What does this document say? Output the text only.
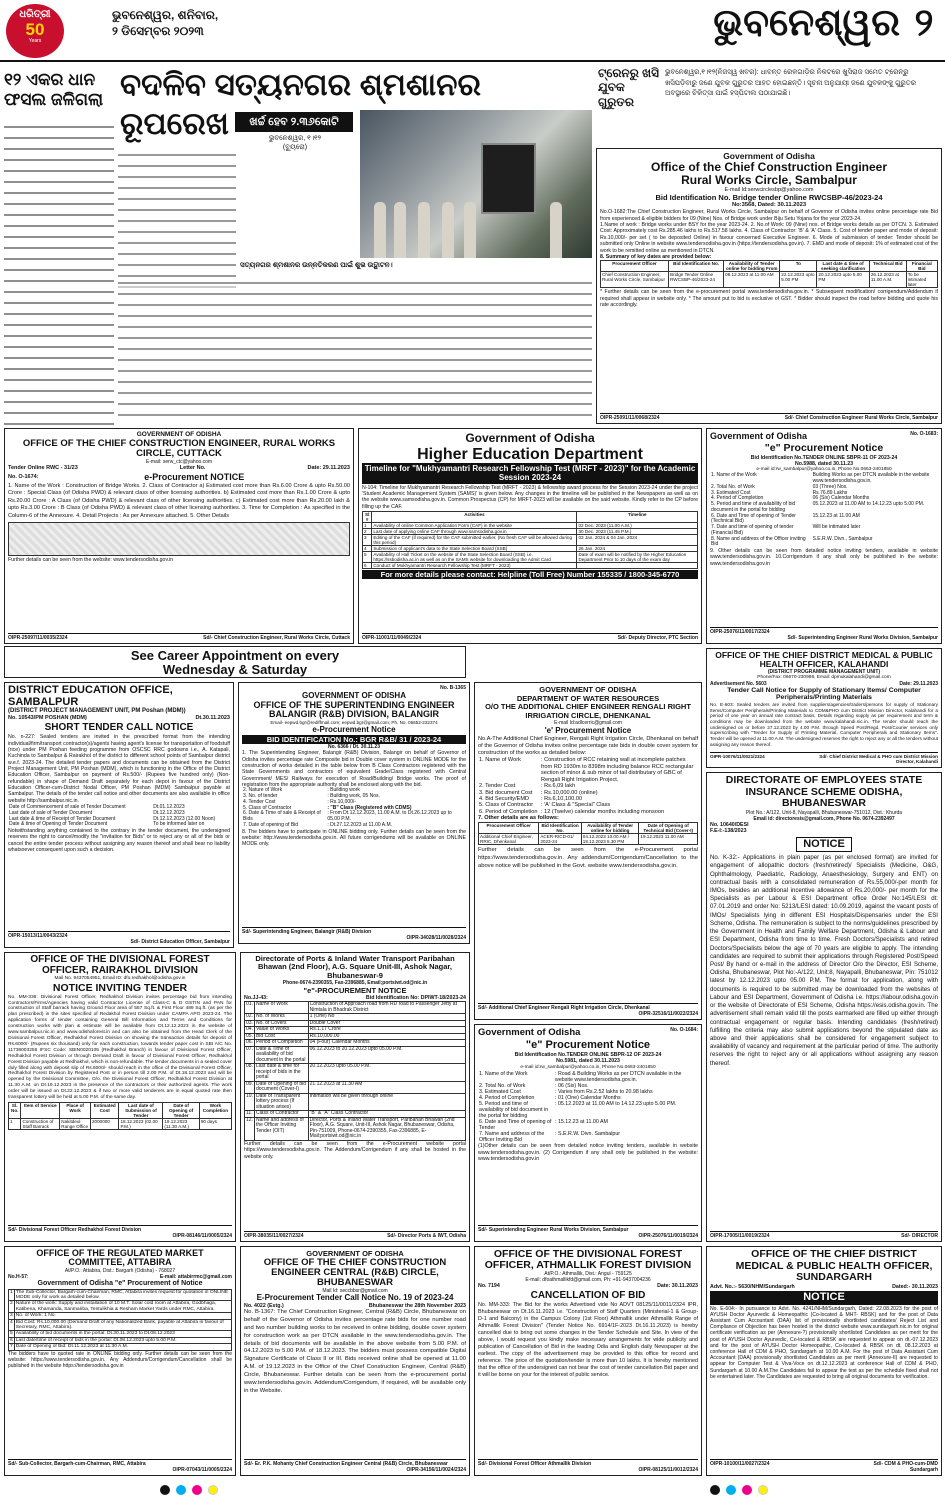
ଧରିତ୍ରୀ
50
Years
ଭୁବନେଶ୍ୱର, ଶନିବାର,
୨ ଡିସେମ୍ବର ୨୦୨୩	ଭୁବନେଶ୍ୱର ୨
୧୨ ଏକର ଧାନ ଫସଲ ଜଳିଗଲା ବଦଳିବ ସତ୍ୟନଗର ଶ୍ମଶାନର ରୂପରେଖ	ଖର୍ଚ୍ଚ ହେବ ୨.୩୬କୋଟି
ଭୁବନେଶ୍ୱର, ୧।୧୨
(ବ୍ୟୁରୋ)
ସତ୍ୟନଗର ଶ୍ମଶାନର ଉନ୍ନତିକରଣ ପାଇଁ ଶୁଭ ଉଦ୍ଘାଟନ।
ଟ୍ରେନରୁ ଖସି ଯୁବକ ଗୁରୁତର
ଭୁବନେଶ୍ୱର,୧।୧୨(ନିଜସ୍ୱ ଖବର): ଧାବନ୍ତ ରେଳଗାଡ଼ିର ନିକଟରେ ଖୁସିରାଜ ସମେତ ଟ୍ରେନ୍‌ରୁ ଖସିପଡ଼ିବାରୁ ଜଣେ ଯୁବକ ଗୁରୁତର ଆହତ ହୋଇଛନ୍ତି। ସୂଚନା ଅନୁଯାୟୀ ଜଣେ ଯୁବକଙ୍କୁ ଗୁରୁତର ଅବସ୍ଥାରେ ଚିକିତ୍ସା ପାଇଁ ହସ୍ପିଟାଲ ପଠାଯାଇଛି।
Government of Odisha
Office of the Chief Construction Engineer
Rural Works Circle, Sambalpur
E-mail Id:serwcirclesbp@yahoo.com
Bid Identification No. Bridge tender Online RWCSBP-46/2023-24
No:3568, Dated: 30.11.2023
No.O-1682:The Chief Construction Engineer, Rural Works Circle, Sambalpur on behalf of Governor of Odisha invites online percentage rate Bid from experienced & eligible bidders for 09 (Nine) Nos. of Bridge work under Biju Setu Yojana for the year 2023-24.
1.Name of work : Bridge works under BSY for the year 2023-24. 2. No.of Work: 09 (Nine) nos. of Bridge works details as per DTCN. 3. Estimated Cost: Approximately cost Rs.285.46 lakhs to Rs.517.58 lakhs. 4. Class of Contractor: 'B' & 'A' Class. 5. Cost of tender paper and mode of deposit: Rs.10,000/- per set ( to be deposited Online) in favour concerned Executive Engineer. 6. Mode of submission of tender: Tender should be submitted only Online in website www.tendersodisha.gov.in (https://tendersodisha.gov.in). 7. EMD and mode of deposit: 1% of estimated cost of the work to be remitted online as mentioned in DTCN.
8. Summary of key dates are provided below:
Procurement Officer	Bid Identification No.	Availability of Tender online for bidding From	To	Last date & time of seeking clarification	Technical Bid	Financial Bid
Chief Construction Engineer, Rural Works Circle, Sambalpur	Bridge Tender Online RWCSBP-46/2023-24	08.12.2023 at 11.00 AM	22.12.2023 upto 5.00 PM	20.12.2023 upto 5.00 PM	26.12.2023 at 11.00 A.M.	To be intimated later
* Further details can be seen from the e-procurement portal www.tendersodisha.gov.in. * Subsequent modification/ corrigendum/Addendum if required shall appear in website only. * The amount put to bid is exclusive of GST. * Bidder should inspect the road before bidding and quote his rate accordingly.
OIPR-25091/11/0068/2324	Sd/- Chief Construction Engineer Rural Works Circle, Sambalpur
GOVERNMENT OF ODISHA
OFFICE OF THE CHIEF CONSTRUCTION ENGINEER, RURAL WORKS CIRCLE, CUTTACK
E-mail: serw_ctc@yahoo.com
Tender Online RWC - 31/23	Letter No.	Date: 29.11.2023
No. O-1674:	e-Procurement NOTICE
1. Name of the Work : Construction of Bridge Works. 2. Class of Contractor a) Estimated cost more than Rs.6.00 Crore & upto Rs.50.00 Crore : Special Class (of Odisha PWD) & relevant class of other licensing authorities. b) Estimated cost more than Rs.1.00 Crore & upto Rs.20.00 Crore : A Class (of Odisha PWD) & relevant class of other licensing authorities. c) Estimated cost more than Rs.20.00 lakh & upto Rs.3.00 Crore : B Class (of Odisha PWD) & relevant class of other licensing authorities. 3. Time for Completion : As specified in the Column-6 of the Annexure. 4. Detail Projects : As per Annexure attached. 5. Other Details
Further details can be seen from the website: www.tendersodisha.gov.in
OIPR-25097/11/0035/2324	Sd/- Chief Construction Engineer, Rural Works Circle, Cuttack
See Career Appointment on every
Wednesday & Saturday
Government of Odisha
Higher Education Department
Timeline for "Mukhyamantri Research Fellowship Test (MRFT - 2023)" for the Academic Session 2023-24
N-104: Timeline for Mukhyamantri Research Fellowship Test (MRFT - 2023) & fellowship award process for the Session 2023-24 under the project 'Student Academic Management System (SAMS)' is given below. Any changes in the timeline will be published in the Newspapers as well as on the website www.samsodisha.gov.in. Common Prospectus (CP) for MRFT-2023 will be available on the said website. Kindly refer to the CP before filling up the CAF.
Sl #	Activities	Timeline
1	Availability of online Common Application Form (CAF) in the website	02 Dec. 2023 (11.00 A.M.)
2	Last date of applying online CAF through www.samsodisha.gov.in	30 Dec. 2023 (11.45 P.M.)
3	Editing of the CAF (if required) for the CAF submitted earlier. (No fresh CAF will be allowed during this period)	03 Jan. 2024 & 04 Jan. 2024
4	Submission of applicant's data to the State Selection Board (SSB)	26 Jan. 2024
5	Availability of Hall Ticket on the website of the State Selection Board (SSB) i.e. https://ssbodisha.ac.in as well as on the SAMS website for downloading the Admit Card	Date of exam will be notified by the Higher Education Department Prior to 10 days of the exam day
6	Conduct of Mukhyamantri Research Fellowship Test (MRFT - 2023)	
For more details please contact: Helpline (Toll Free) Number 155335 / 1800-345-6770
OIPR-11001/11/0049/2324	Sd/- Deputy Director, PTC Section
Government of Odisha	No. O-1683:
"e" Procurement Notice
Bid Identification No.TENDER ONLINE SBPR-11 OF 2023-24
No.5988, dated 30.11.23
e-mail id:rw_sambalpur@yahoo.co.in, Phone No.0663-2401850
1. Name of the Work	Building Works as per DTCN available in the website www.tendersodisha.gov.in.
2. Total No. of Work	03 (Three) Nos.
3. Estimated Cost	Rs.76.89 Lakhs
4. Period of Completion	06 (Six) Calendar Months
5. Period and time of availability of bid document in the portal for bidding	05.12.2023 at 11.00 AM to 14.12.23 upto 5.00 PM.
6. Date and Time of opening of Tender (Technical Bid)	15.12.23 at 11.00 AM
7. Date and time of opening of tender (Financial Bid)	Will be intimated later
8. Name and address of the Officer inviting Bid	S.E.R.W. Divn., Sambalpur
9. Other details can be seen from detailed notice inviting tenders, available in website www.tendersodisha.gov.in. 10.Corrigendum if any shall only be published in the website: www.tendersodisha.gov.in
OIPR-25076/11/0017/2324
Sd/- Superintending Engineer Rural Works Division, Sambalpur
OFFICE OF THE CHIEF DISTRICT MEDICAL & PUBLIC HEALTH OFFICER, KALAHANDI
(DISTRICT PROGRAMME MANAGEMENT UNIT)
Phone/Fax: 06670-230998, Email: dpmukalahandi@gmail.com
Advertisement No. 5603	Date: 29.11.2023
Tender Call Notice for Supply of Stationary Items/ Computer Peripherals/Printing Materials
No. E-603: Sealed tenders are invited from suppliers/agencies/traders/persons for supply of Stationary Items/Computer Peripherals/Printing Materials to CDM&PHO cum District Mission Director, Kalahandi for a period of one year on annual rate contract basis. Details regarding supply as per requirement and term & conditions may be downloaded from the website www.kalahandi.nic.in. The tender should reach the undersigned on or before 27.12.2023 by 4.00 P.M. through Speed Post/Regd. Post/Courier services only superscribing with "Tender for Supply of Printing Material, Computer Peripherals and Stationary Items". Tender will be opened at 11.00 A.M. The undersigned reserves the right to reject any or all the tenders without assigning any reason thereof.
OIPR-10076/11/0021/2324	Sd/- Chief District Medical & PHO cum District Mission Director, Kalahandi
DISTRICT EDUCATION OFFICE, SAMBALPUR
(DISTRICT PROJECT MANAGEMENT UNIT, PM Poshan (MDM))
No. 10543/PM POSHAN (MDM)	Dt.30.11.2023
SHORT TENDER CALL NOTICE
No. n-227: Sealed tenders are invited in the prescribed format from the intending individual/firm/transport contractor(s)/agents having agent's license for transportation of foodstuff (rice) under PM Poshan feeding programme from OSCSC RRC godowns i.e., A. Katapali, Kuchinda to Sambalpur & Rairakhol of the district to different school points of Sambalpur district w.e.f. 2023-24. The detailed tender papers and documents can be obtained from the District Project Management Unit, PM Poshan (MDM), which is functioning in the Office of the District Education Officer, Sambalpur on payment of Rs.500/- (Rupees five hundred only) (Non-refundable) in shape of Demand Draft separately for each depot in favour of the District Education Officer-cum-District Nodal Officer, PM Poshan (MDM) Sambalpur payable at Sambalpur. The details of the tender call notice and other documents are also available in office website http://sambalpur.nic.in.
Date of Commencement of sale of Tender Document	Dt.01.12.2023
Last date of sale of Tender Document	Dt.12.12.2023
Last date & time of Receipt of Tender Document	Dt.12.12.2023 (12.00 Noon)
Date & time of Opening of Tender Document	To be informed later on
Notwithstanding anything contained to the contrary in the tender document, the undersigned reserves the right to cancel/modify the "invitation for Bids" or to reject any or all of the bids or cancel the entire tender process without assigning any reason thereof and shall bear no liability whatsoever consequent upon such a decision.
OIPR-15013/11/0043/2324
Sd/- District Education Officer, Sambalpur
No. B-1365
GOVERNMENT OF ODISHA
OFFICE OF THE SUPERINTENDING ENGINEER BALANGIR (R&B) DIVISION, BALANGIR
Email- eepwd.bgr@rediffmail.com; eepwd.bgr@gmail.com; Ph. No. 06652-232374
e-Procurement Notice
BID IDENTIFICATION No.: BGR R&B/ 31 / 2023-24
No. 6366 / Dt. 30.11.23
1. The Superintending Engineer, Balangir (R&B) Division, Balangir on behalf of Governor of Odisha invites percentage rate Composite bid in Double cover system in ONLINE MODE for the construction of works detailed in the table below from B Class Contractors registered with the State Governments and contractors of equivalent Grade/Class registered with Central Government/ MES/ Railways for execution of Road/Building/ Bridge works. The proof of registration from the appropriate authority shall be enclosed along with the bid.
2. Nature of Work	: Building work
3. No. of tender	: Building work, 05 Nos.
4. Tender Cost	: Rs.10,000/-
5. Class of Contractor	: "B" Class (Registered with CDMS)
6. Date & Time of sale & Receipt of Bids	: From Dt.12.12.2023, 11.00 A.M. to Dt.26.12.2023 up to 05.00 P.M.
7. Date of opening of Bid	: Dt.27.12.2023 at 11.00 A.M.
8. The bidders have to participate in ONLINE bidding only. Further details can be seen from the website: http://www.tendersodisha.gov.in. All future corrigendums will be available on ONLINE MODE only.
Sd/- Superintending Engineer, Balangir (R&B) Division
OIPR-34028/11/0028/2324
GOVERNMENT OF ODISHA
DEPARTMENT OF WATER RESOURCES
O/O THE ADDITIONAL CHIEF ENGINEER RENGALI RIGHT IRRIGATION CIRCLE, DHENKANAL
E-mail Id:adlcerric@gmail.com
'e' Procurement Notice
No.A-The Additional Chief Engineer, Rengali Right Irrigation Circle, Dhenkanal on behalf of the Governor of Odisha invites online percentage rate bids in double cover system for construction of the works as detailed below:
1. Name of Work	: Construction of RCC retaining wall at incomplete patches from RD 1930m to 8398m including balance RCC rectangular section of minor & sub minor of tail distributary of GBC of Rengali Right Irrigation Project.
2. Tender Cost	: Rs.6,09 lakh
3. Bid document Cost	: Rs.10,000.00 (online)
4. Bid Security/EMD	: Rs.6,10,100.00
5. Class of Contractor	: 'A' Class & "Special" Class
6. Period of Completion	: 12 (Twelve) calendar months including monsoon
7. Other details are as follows:
Procurement Officer	Bid Identification No.	Availability of Tender online for bidding	Date of Opening of Technical Bid (Cover-I)
Additional Chief Engineer, RRIC, Dhenkanal	ACER-RICD-01/ 2023-24	04.12.2023 10.00 AM / 18.12.2023 5.30 PM	19.12.2023 11.00 AM
Further details can be seen from the e-Procurement portal https://www.tendersodisha.gov.in. Any addendum/Corrigendum/Cancellation to the above notice will be published in the Govt. website www.tendersodisha.gov.in.
Sd/- Additional Chief Engineer Rengali Right Irrigation Circle, Dhenkanal
OIPR-32516/11/0022/2324
DIRECTORATE OF EMPLOYEES STATE INSURANCE SCHEME ODISHA, BHUBANESWAR
Plot No.: A/122, Unit-8, Nayapalli, Bhubaneswar-751012, Dist.: Khurda
Email id: directoresis@gmail.com, Phone No. 0674-2392497
No. 10640/DESI
F.E-I:-138/2023
NOTICE
No. K-32:- Applications in plain paper (as per enclosed format) are invited for engagement of allopathic doctors (fresh/retired)/ Specialists (Medicine, O&G, Ophthalmology, Paediatric, Radiology, Anaesthesiology, Surgery and ENT) on contractual basis with a consolidated remuneration of Rs.55,000/-per month for IMOs, besides an additional incentive allowance of Rs.20,000/- per month for the Specialists as per Labour & ESI Department office Order No:145/LESI dt: 07.01.2019 and order No: 5213/LESI dated: 10.09.2019, against the vacant posts of IMOs/ Specialists lying in different ESI Hospitals/Dispensaries under the ESI Scheme, Odisha. The remuneration is subject to the norms/guidelines prescribed by the Government in Health and Family Welfare Department, Odisha & Labour and ESI Department, Odisha from time to time. Fresh Doctors/Specialists and retired Doctors/Specialists below the age of 70 years are eligible to apply. The intending candidates are required to submit their applications through Registered Post/Speed Post/ By hand or e-mail in the address of Director O/o the Director, ESI Scheme, Odisha, Bhubaneswar, Plot No:-A/122, Unit:8, Nayapalli, Bhubaneswar, Pin: 751012 latest by 12.12.2023 upto 05.00 P.M. The format for application, along with documents is required to be submitted may be downloaded from the websites of Labour and ESI Department, Government of Odisha i.e. https://labour.odisha.gov.in or the website of Directorate of ESI Scheme, Odisha https://esis.odisha.gov.in. The advertisement shall remain valid till the posts earmarked are filled up either through contractual engagement or regular basis. Intending candidates (fresh/retired) fulfilling the criteria may also submit applications beyond the stipulated date as above and their applications shall be considered for engagement subject to availability of vacancy and requirement at the particular period of time. The authority reserves the right to reject any or all applications without assigning any reason thereof.
OIPR-17005/11/0019/2324	Sd/- DIRECTOR
OFFICE OF THE DIVISIONAL FOREST OFFICER, RAIRAKHOL DIVISION
Mail No. 9437054951, Email ID: dfo.redhakhol@odisha.gov.in
NOTICE INVITING TENDER
No. MM-336: Divisional Forest Officer, Redhakhol Division invites percentage bid from intending Contractors/Firms/Agencies having valid Contractor License of Class-C & D GSTIN and PAN for construction of Staff barrack having Ground Floor area of 557 Sq.ft. & First Floor 489 Sq.ft. (as per the plan prescribed) in the sites specified of Redakhol Forest Division under CAMPA APO 2023-24. The application forms of tender containing General Bill Information and Terms and Conditions for construction works with plan & estimate will be available from Dt.12.12.2023 in the website of www.sambalpur.nic.in and www.odishaforest.in and can also be obtained from the Head Clerk of the Divisional Forest Officer, Redhakhol Forest Division on showing the transaction details for deposit of Rs.6000/- (Rupees six thousand) only for each construction, towards tender paper cost in SBI A/C No. 11738003256 IFSC Code: SBIN0020105 (Redhakhol Branch) in favour of Divisional Forest Officer, Redhakhol Forest Division or through Demand Draft in favour of Divisional Forest Officer, Redhakhol Forest Division payable at Redhakhol, which is non-refundable. The tender documents in a sealed cover duly filled along with deposit slip of Rs.6000/- should reach in the office of the Divisional Forest Officer, Redhakhol Forest Division by Registered Post or in person till 2.00 P.M. of Dt.18.12.2023 and will be opened by the Divisional Committee, O/o. the Divisional Forest Officer, Redhakhol Forest Division at 11.30 A.M. on Dt.19.12.2023 in the presence of the contractors or their authorized agents. The work order will be issued on Dt.22.12.2023 & if two or more valid tenderers are in equal quoted rate then transparent lottery will be held at 5.00 P.M. of the same day.
Sl. No.	Item of Service	Place of Work	Estimated Cost	Last date of Submission of Tender	Date of Opening of Tender	Work Completion
1	Construction of Staff Barrack	Nakitdeul Range Office	2000000	18.12.2023 (02.00 P.M.)	19.12.2023 (11.30 A.M.)	90 days
Sd/- Divisional Forest Officer Redhakhol Forest Division
OIPR-08146/11/0005/2324
Directorate of Ports & Inland Water Transport Paribahan Bhawan (2nd Floor), A.G. Square Unit-III, Ashok Nagar, Bhubaneswar-9
Phone-0674-2390355, Fax-2396885, Email;portsiwt.od@nic.in
"e"-PROCUREMENT NOTICE
No.JJ-43:	Bid Identification No: DPIWT-18/2023-24
01.	Name of Work	Construction of Approach road from RD road to Passenger Jetty at Nimtala in Bhadrak District
02.	No. of Works	1 (One) No
03.	No. of Covers	Double Cover
04.	Value of Works	Rs.1.17 Crore
05.	Bid Cost	Rs.10,000.00
06.	Period of Completion	04 (Four) Calendar Months
07.	Date & Time of availability of bid document in the portal	06.12.2023 to 20.12.2023 upto 05.00 P.M.
08.	Last date & time for receipt of bids in the portal	20.12.2023 upto 05.00 P.M.
09.	Date of Opening of bid document (Cover-I)	21.12.2023 at 11.30 AM
10.	Date of Transparent lottery process (If situation arises)	Intimation will be given through online
11.	Class of Contractor	"B" & "A" Class Contractor
12.	Name and address of the Officer Inviting Tender (OIT)	Director, Ports & Inland Water Transport, Paribahan Bhawan (2nd Floor), A.G. Square, Unit-III, Ashok Nagar, Bhubaneswar, Odisha, Pin-751009, Phone-0674-2390355, Fax-2396885, E-Mail:portsiwt.od@nic.in
Further details can be seen from the e-Procurement website portal https://www.tendersodisha.gov.in. The Addendum/Corrigendum if any shall be hosted in the website only.
OIPR-38035/11/0027/2324	Sd/- Director Ports & IWT, Odisha
Government of Odisha	No. O-1684:
"e" Procurement Notice
Bid Identification No.TENDER ONLINE SBPR-12 OF 2023-24
No.5981, dated 30.11.2023
e-mail id:rw_sambalpur@yahoo.co.in, Phone No.0663-2401850
1. Name of the Work	: Road & Building Works as per DTCN available in the website www.tendersodisha.gov.in.
2. Total No. of Work	: 06 (Six) Nos.
3. Estimated Cost	: Varies from Rs.2.52 lakhs to 20.98 lakhs
4. Period of Completion	: 01 (One) Calendar Months
5. Period and time of availability of bid document in the portal for bidding	: 05.12.2023 at 11.00 AM to 14.12.23 upto 5.00 PM.
6. Date and Time of opening of Tender	: 15.12.23 at 11.00 AM
7. Name and address of the Officer Inviting Bid	: S.E.R.W. Divn. Sambalpur
(1)Other details can be seen from detailed notice inviting tenders, available in website www.tendersodisha.gov.in. (2) Corrigendum if any shall only be published in the website: www.tendersodisha.gov.in
Sd/- Superintending Engineer Rural Works Division, Sambalpur
OIPR-25076/11/0019/2324
OFFICE OF THE REGULATED MARKET COMMITTEE, ATTABIRA
At/P.O.: Attabira, Dist.: Bargarh (Odisha) - 768027
No.H-57:	E-mail: attabirrmc@gmail.com
Government of Odisha "e" Procurement of Notice
1	The Sub-Collector, Bargarh-cum-Chairman, RMC, Attabira invites request for quotation in ONLINE MODE only for work as detailed below.
2	Nature of the work: Supply and installation of 10 M.T. Solar cold room at Attabira, Godbhaga, Katibena, Khamanda, Sanmariba, Tentulikhia & Resham Market Yards under RMC, Attabira.
3	No. of Work: 1 No.
4	Bid Cost: Rs.10,000.00 (Demand Draft of any Nationalized Bank, payable at Attabira in favour of Secretary, RMC, Attabira).
5	Availability of bid documents in the portal: Dt.30.11.2023 to Dt.08.12.2023
6	Last date/time of receipt of bids in the portal: Dt.08.12.2023 upto 5.00 P.M.
7	Date of Opening of Bid: Dt.11.12.2023 at 11.30 A.M.
The bidders have to quoted rate in ONLINE bidding only. Further details can be seen from the website: https://www.tendersodisha.gov.in. Any Addendum/Corrigendum/Cancellation shall be published in the website https://tendersodisha.gov.in
Sd/- Sub-Collector, Bargarh-cum-Chairman, RMC, Attabira
OIPR-07043/11/0005/2324
GOVERNMENT OF ODISHA
OFFICE OF THE CHIEF CONSTRUCTION ENGINEER CENTRAL (R&B) CIRCLE, BHUBANESWAR
Mail Id: seccbbsr@gmail.com
E-Procurement Tender Call Notice No. 19 of 2023-24
No. 4022 (Estg.)	Bhubaneswar the 28th November 2023
No. B-1367: The Chief Construction Engineer, Central (R&B) Circle, Bhubaneswar on behalf of the Governor of Odisha invites percentage rate bids for one number road and two number building works to be received in online bidding, double cover system for construction work as per DTCN available in the www.tendersodisha.gov.in. The details of bid documents will be available in the above website from 5.00 P.M. of 04.12.2023 to 5.00 P.M. of 18.12.2023. The bidders must possess compatible Digital Signature Certificate of Class II or III. Bids received online shall be opened at 11.00 A.M. of 19.12.2023 in the Office of the Chief Construction Engineer, Central (R&B) Circle, Bhubaneswar. Further details can be seen from the e-procurement portal www.tendersodisha.gov.in. Addendum/Corrigendum, if required, will be available only in the Website.
Sd/- Er. P.K. Mohanty Chief Construction Engineer Central (R&B) Circle, Bhubaneswar
OIPR-34156/11/0024/2324
OFFICE OF THE DIVISIONAL FOREST OFFICER, ATHMALLIK FOREST DIVISION
At/P.O.: Athmallik, Dist.: Angul - 759125
E-mail: dfoathmallikfd@gmail.com, Ph: +91-9437004236
No. 7194	Date: 30.11.2023
CANCELLATION OF BID
No. MM-333: The Bid for the works Advertised vide No ADVT 08125/11/0011/2324 IPR, Bhubaneswar on Dt.16.11.2023 i.e. "Construction of Staff Quarters (Ministerial-1 & Group-D-1 and Balcony) in the Campus Colony (1st Floor) Athmallik under Athmallik Range of Athmallik Forest Division" (Tender Notice No. 6914/1F-2023 Dt.16.11.2023) is hereby cancelled due to bring out some changes in the Tender Schedule and Site. In view of the above, I would request you kindly make necessary arrangements for wide publicity and publication of Cancellation of Bid in the leading Odia and English daily Newspaper at the earliest. The copy of the advertisement may be provided to this office for record and reference. The price of the quotation/tender is more than 10 lakhs. It is hereby mentioned that the office of the undersigned can not bear the cost of tender cancellation Bid paper and it will be borne on your for the interest of public service.
Sd/- Divisional Forest Officer Athmallik Division
OIPR-08125/11/0012/2324
OFFICE OF THE CHIEF DISTRICT MEDICAL & PUBLIC HEALTH OFFICER, SUNDARGARH
Advt. No.:- 5630/NHM/Sundargarh	Dated:- 30.11.2023
NOTICE
No. E-604:- In pursuance to Advt. No. 4241/NHM/Sundargarh, Dated: 22.08.2023 for the post of AYUSH Doctor Ayurvedic & Homeopathic (Co-located & MHT- RBSK) and for the post of Data Assistant Cum Accountant (DAA) list of provisionally shortlisted candidates/ Reject List and Compliance of Objection has been hosted in the district website www.sundargarh.nic.in for original certificate verification as per (Annexure-?) provisionally shortlisted Candidates as per merit for the post of AYUSH Doctor Ayurvedic, Co-located & RBSK are requested to appear on dt.-07.12.2023 and for the post of AYUSH Doctor Homeopathic, Co-located & RBSK on dt. 08.12.2023 at conference Hall of CDM & PHO, Sundargarh at 10.00 A.M. For the post of Data Assistant Cum Accountant (DAA) provisionally shortlisted Candidates as per merit (Annexure-II) are requested to appear for Computer Test & Viva-Voce on dt.12.12.2023 at conference Hall of CDM & PHO, Sundargarh at 10.00 A.M.The Candidates fail to appear the test as per the schedule fixed shall not be entertained later. The Candidates are requested to bring all original documents for verification.
OIPR-10100/11/0027/2324	Sd/- CDM & PHO-cum-DMD Sundargarh
